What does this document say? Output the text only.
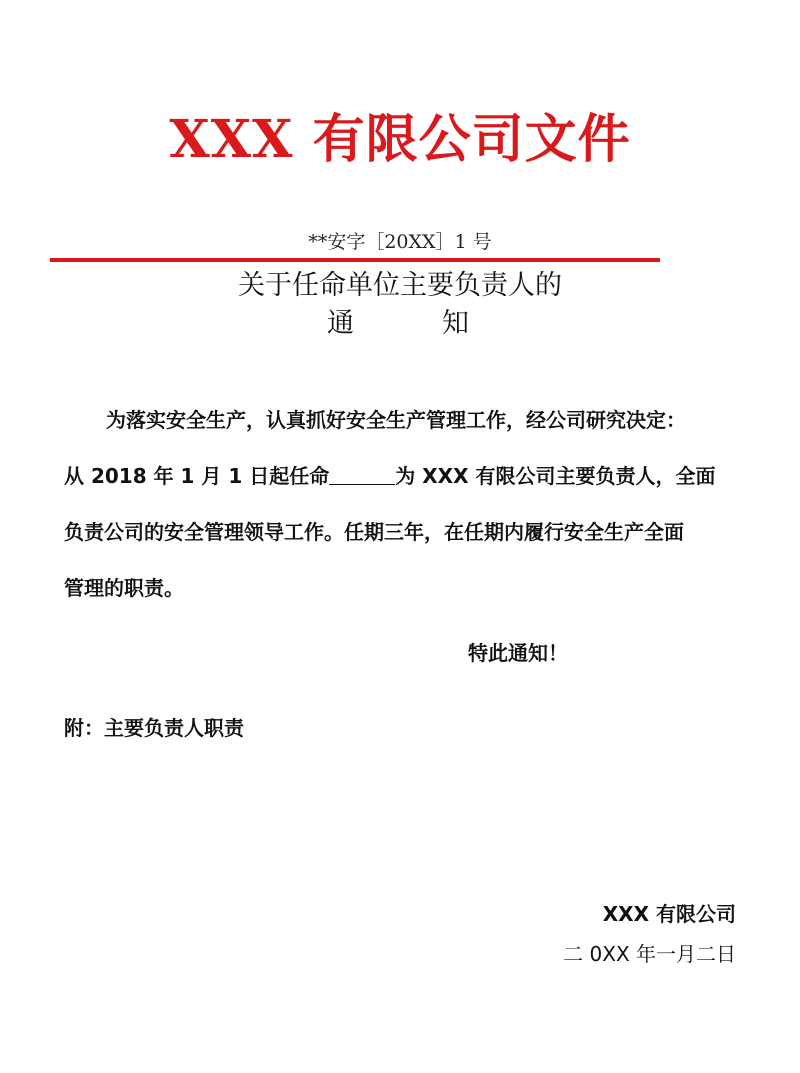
XXX 有限公司文件
**安字［20XX］1 号
关于任命单位主要负责人的
通	知
为落实安全生产，认真抓好安全生产管理工作，经公司研究决定：
从 2018 年 1 月 1 日起任命	为 XXX 有限公司主要负责人，全面
负责公司的安全管理领导工作。任期三年，在任期内履行安全生产全面
管理的职责。
特此通知！
附：主要负责人职责
XXX 有限公司
二 0XX 年一月二日
